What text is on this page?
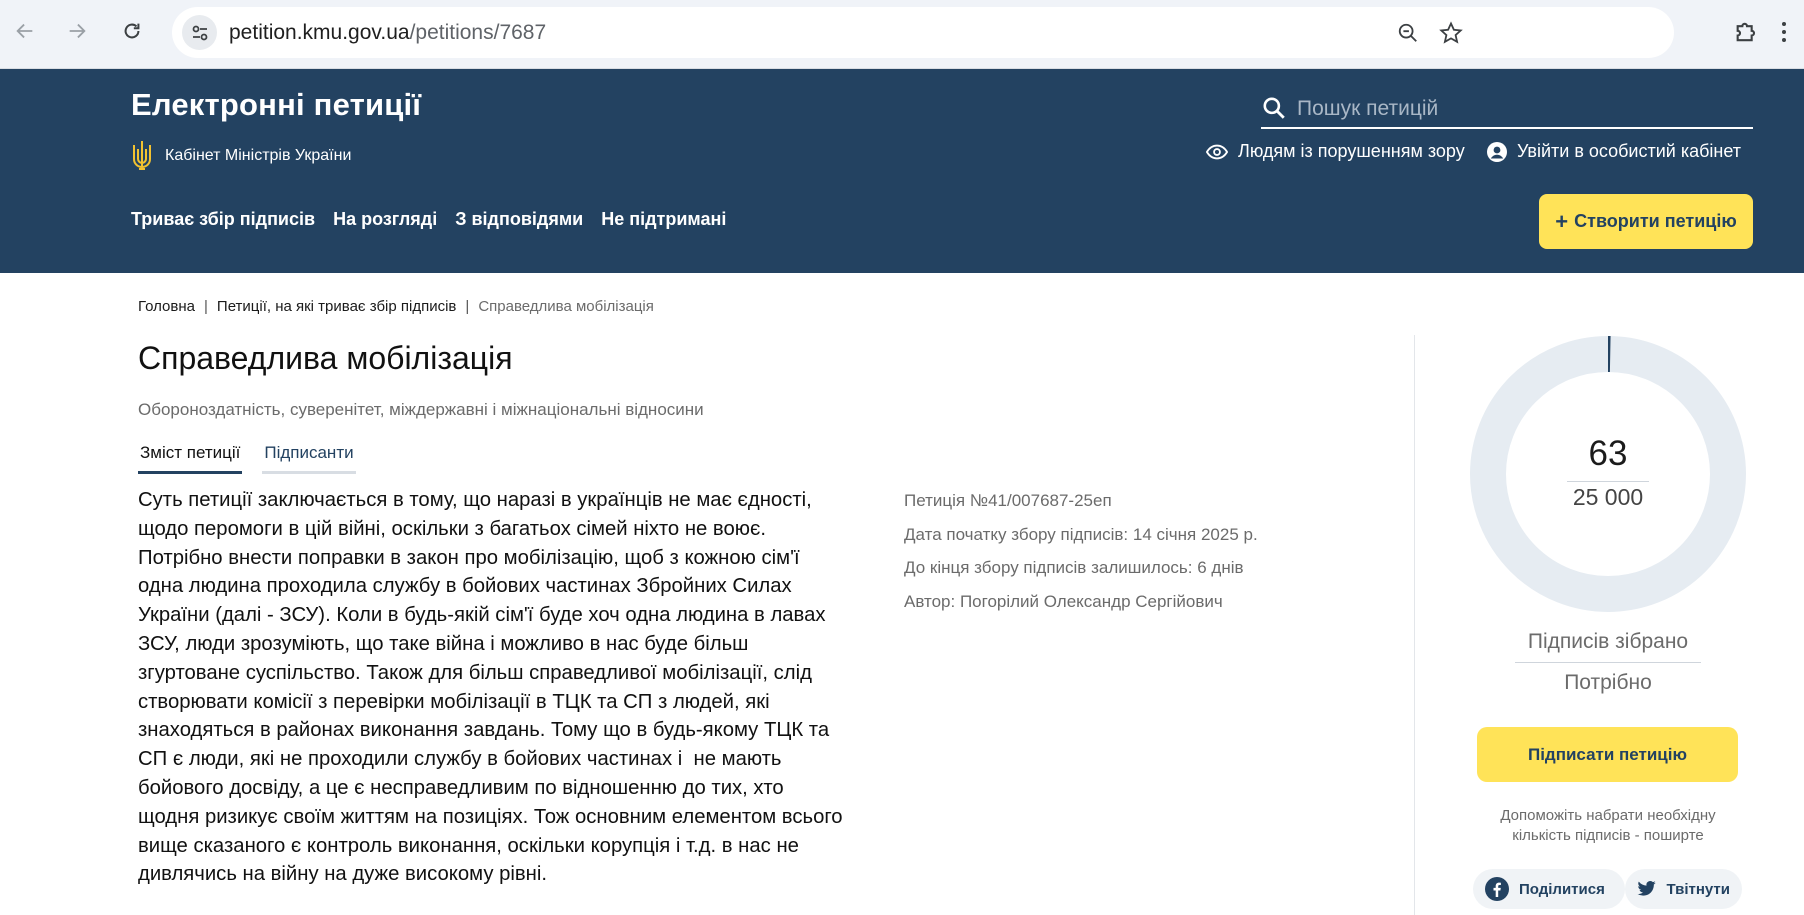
petition.kmu.gov.ua/petitions/7687
Електронні петиції
Кабінет Міністрів України
Пошук петицій	Людям із порушенням зору	Увійти в особистий кабінет
Триває збір підписів На розгляді З відповідями Не підтримані	+ Створити петицію
Головна | Петиції, на які триває збір підписів | Справедлива мобілізація
Справедлива мобілізація
Обороноздатність, суверенітет, міждержавні і міжнаціональні відносини
Зміст петиції Підписанти
Суть петиції заключається в тому, що наразі в українців не має єдності,
щодо перомоги в цій війні, оскільки з багатьох сімей ніхто не воює.
Потрібно внести поправки в закон про мобілізацію, щоб з кожною сім'ї
одна людина проходила службу в бойових частинах Збройних Силах
України (далі - ЗСУ). Коли в будь-якій сім'ї буде хоч одна людина в лавах
ЗСУ, люди зрозуміють, що таке війна і можливо в нас буде більш
згуртоване суспільство. Також для більш справедливої мобілізації, слід
створювати комісії з перевірки мобілізації в ТЦК та СП з людей, які
знаходяться в районах виконання завдань. Тому що в будь-якому ТЦК та
СП є люди, які не проходили службу в бойових частинах і  не мають
бойового досвіду, а це є несправедливим по відношенню до тих, хто
щодня ризикує своїм життям на позиціях. Тож основним елементом всього
вище сказаного є контроль виконання, оскільки корупція і т.д. в нас не
дивлячись на війну на дуже високому рівні.
Петиція №41/007687-25еп
Дата початку збору підписів: 14 січня 2025 р.
До кінця збору підписів залишилось: 6 днів
Автор: Погорілий Олександр Сергійович
63
25 000
Підписів зібрано
Потрібно
Підписати петицію
Допоможіть набрати необхідну кількість підписів - поширте
Поділитися	Твітнути
